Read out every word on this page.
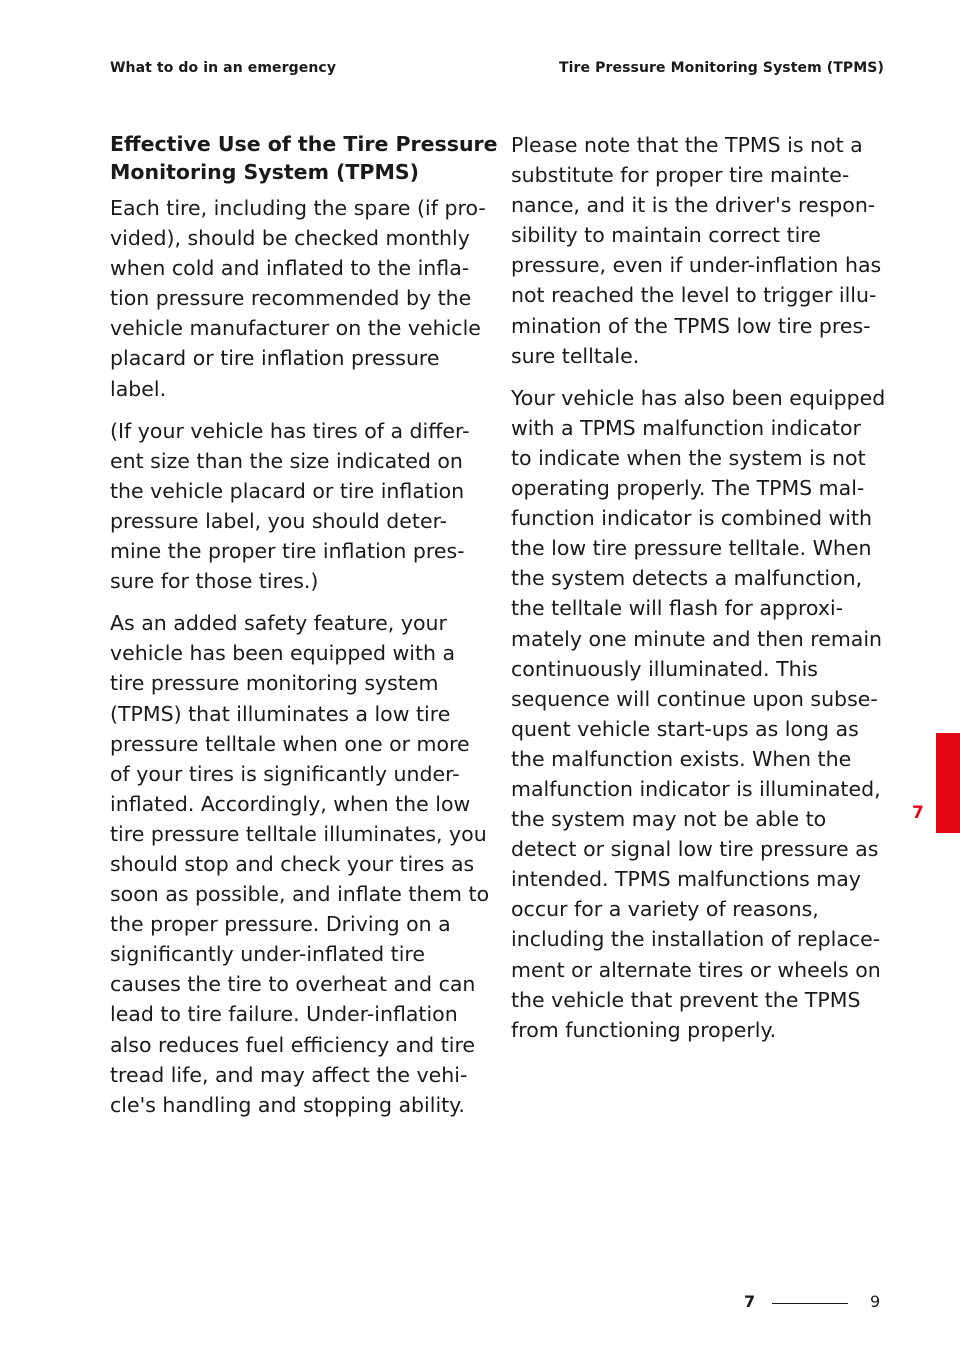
What to do in an emergency	Tire Pressure Monitoring System (TPMS)
Effective Use of the Tire Pressure
Monitoring System (TPMS)
Each tire, including the spare (if pro-
vided), should be checked monthly
when cold and inflated to the infla-
tion pressure recommended by the
vehicle manufacturer on the vehicle
placard or tire inflation pressure
label.
(If your vehicle has tires of a differ-
ent size than the size indicated on
the vehicle placard or tire inflation
pressure label, you should deter-
mine the proper tire inflation pres-
sure for those tires.)
As an added safety feature, your
vehicle has been equipped with a
tire pressure monitoring system
(TPMS) that illuminates a low tire
pressure telltale when one or more
of your tires is significantly under-
inflated. Accordingly, when the low
tire pressure telltale illuminates, you
should stop and check your tires as
soon as possible, and inflate them to
the proper pressure. Driving on a
significantly under-inflated tire
causes the tire to overheat and can
lead to tire failure. Under-inflation
also reduces fuel efficiency and tire
tread life, and may affect the vehi-
cle's handling and stopping ability.
Please note that the TPMS is not a
substitute for proper tire mainte-
nance, and it is the driver's respon-
sibility to maintain correct tire
pressure, even if under-inflation has
not reached the level to trigger illu-
mination of the TPMS low tire pres-
sure telltale.
Your vehicle has also been equipped
with a TPMS malfunction indicator
to indicate when the system is not
operating properly. The TPMS mal-
function indicator is combined with
the low tire pressure telltale. When
the system detects a malfunction,
the telltale will flash for approxi-
mately one minute and then remain
continuously illuminated. This
sequence will continue upon subse-
quent vehicle start-ups as long as
the malfunction exists. When the
malfunction indicator is illuminated,
the system may not be able to
detect or signal low tire pressure as
intended. TPMS malfunctions may
occur for a variety of reasons,
including the installation of replace-
ment or alternate tires or wheels on
the vehicle that prevent the TPMS
from functioning properly.
7
7	9
